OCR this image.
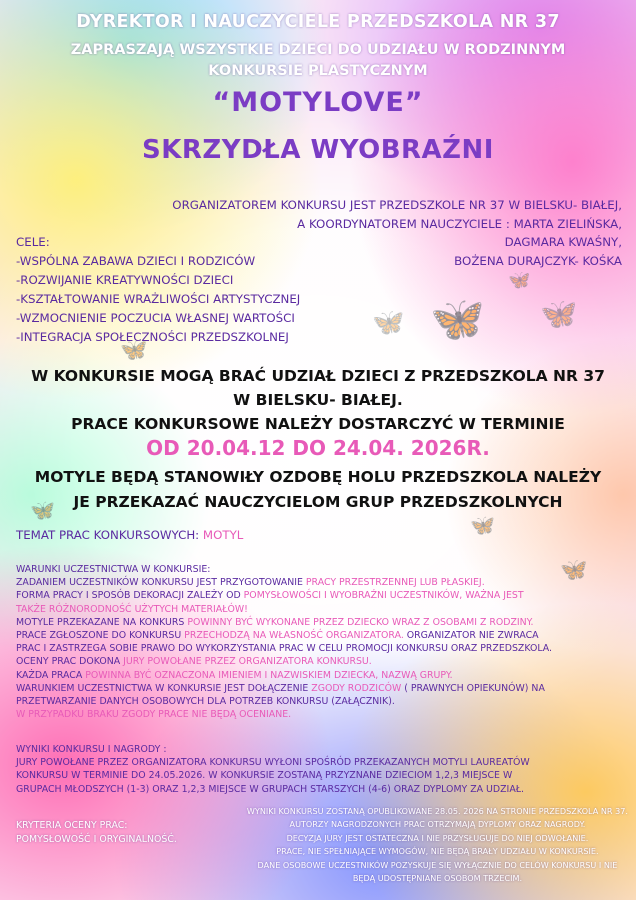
🦋
🦋	🦋
🦋
🦋
🦋
🦋
🦋
DYREKTOR I NAUCZYCIELE PRZEDSZKOLA NR 37
ZAPRASZAJĄ WSZYSTKIE DZIECI DO UDZIAŁU W RODZINNYM
KONKURSIE PLASTYCZNYM
“MOTYLOVE”
SKRZYDŁA WYOBRAŹNI
ORGANIZATOREM KONKURSU JEST PRZEDSZKOLE NR 37 W BIELSKU- BIAŁEJ,
A KOORDYNATOREM NAUCZYCIELE : MARTA ZIELIŃSKA,
DAGMARA KWAŚNY,
BOŻENA DURAJCZYK- KOŚKA
CELE:
-WSPÓLNA ZABAWA DZIECI I RODZICÓW
-ROZWIJANIE KREATYWNOŚCI DZIECI
-KSZTAŁTOWANIE WRAŻLIWOŚCI ARTYSTYCZNEJ
-WZMOCNIENIE POCZUCIA WŁASNEJ WARTOŚCI
-INTEGRACJA SPOŁECZNOŚCI PRZEDSZKOLNEJ
W KONKURSIE MOGĄ BRAĆ UDZIAŁ DZIECI Z PRZEDSZKOLA NR 37
W BIELSKU- BIAŁEJ.
PRACE KONKURSOWE NALEŻY DOSTARCZYĆ W TERMINIE
OD 20.04.12 DO 24.04. 2026R.
MOTYLE BĘDĄ STANOWIŁY OZDOBĘ HOLU PRZEDSZKOLA NALEŻY
JE PRZEKAZAĆ NAUCZYCIELOM GRUP PRZEDSZKOLNYCH
TEMAT PRAC KONKURSOWYCH: MOTYL
WARUNKI UCZESTNICTWA W KONKURSIE:
ZADANIEM UCZESTNIKÓW KONKURSU JEST PRZYGOTOWANIE PRACY PRZESTRZENNEJ LUB PŁASKIEJ.
FORMA PRACY I SPOSÓB DEKORACJI ZALEŻY OD POMYSŁOWOŚCI I WYOBRAŹNI UCZESTNIKÓW, WAŻNA JEST
TAKŻE RÓŻNORODNOŚĆ UŻYTYCH MATERIAŁÓW!
MOTYLE PRZEKAZANE NA KONKURS POWINNY BYĆ WYKONANE PRZEZ DZIECKO WRAZ Z OSOBAMI Z RODZINY.
PRACE ZGŁOSZONE DO KONKURSU PRZECHODZĄ NA WŁASNOŚĆ ORGANIZATORA. ORGANIZATOR NIE ZWRACA
PRAC I ZASTRZEGA SOBIE PRAWO DO WYKORZYSTANIA PRAC W CELU PROMOCJI KONKURSU ORAZ PRZEDSZKOLA.
OCENY PRAC DOKONA JURY POWOŁANE PRZEZ ORGANIZATORA KONKURSU.
KAŻDA PRACA POWINNA BYĆ OZNACZONA IMIENIEM I NAZWISKIEM DZIECKA, NAZWĄ GRUPY.
WARUNKIEM UCZESTNICTWA W KONKURSIE JEST DOŁĄCZENIE ZGODY RODZICÓW ( PRAWNYCH OPIEKUNÓW) NA
PRZETWARZANIE DANYCH OSOBOWYCH DLA POTRZEB KONKURSU (ZAŁĄCZNIK).
W PRZYPADKU BRAKU ZGODY PRACE NIE BĘDĄ OCENIANE.
WYNIKI KONKURSU I NAGRODY :
JURY POWOŁANE PRZEZ ORGANIZATORA KONKURSU WYŁONI SPOŚRÓD PRZEKAZANYCH MOTYLI LAUREATÓW
KONKURSU W TERMINIE DO 24.05.2026. W KONKURSIE ZOSTANĄ PRZYZNANE DZIECIOM 1,2,3 MIEJSCE W
GRUPACH MŁODSZYCH (1-3) ORAZ 1,2,3 MIEJSCE W GRUPACH STARSZYCH (4-6) ORAZ DYPLOMY ZA UDZIAŁ.
KRYTERIA OCENY PRAC:
POMYSŁOWOŚĆ I ORYGINALNOŚĆ.
WYNIKI KONKURSU ZOSTANĄ OPUBLIKOWANE 28.05. 2026 NA STRONIE PRZEDSZKOLA NR 37.
AUTORZY NAGRODZONYCH PRAC OTRZYMAJĄ DYPLOMY ORAZ NAGRODY.
DECYZJA JURY JEST OSTATECZNA I NIE PRZYSŁUGUJE DO NIEJ ODWOŁANIE.
PRACE, NIE SPEŁNIAJĄCE WYMOGÓW, NIE BĘDĄ BRAŁY UDZIAŁU W KONKURSIE.
DANE OSOBOWE UCZESTNIKÓW POZYSKUJE SIĘ WYŁĄCZNIE DO CELÓW KONKURSU I NIE
BĘDĄ UDOSTĘPNIANE OSOBOM TRZECIM.
